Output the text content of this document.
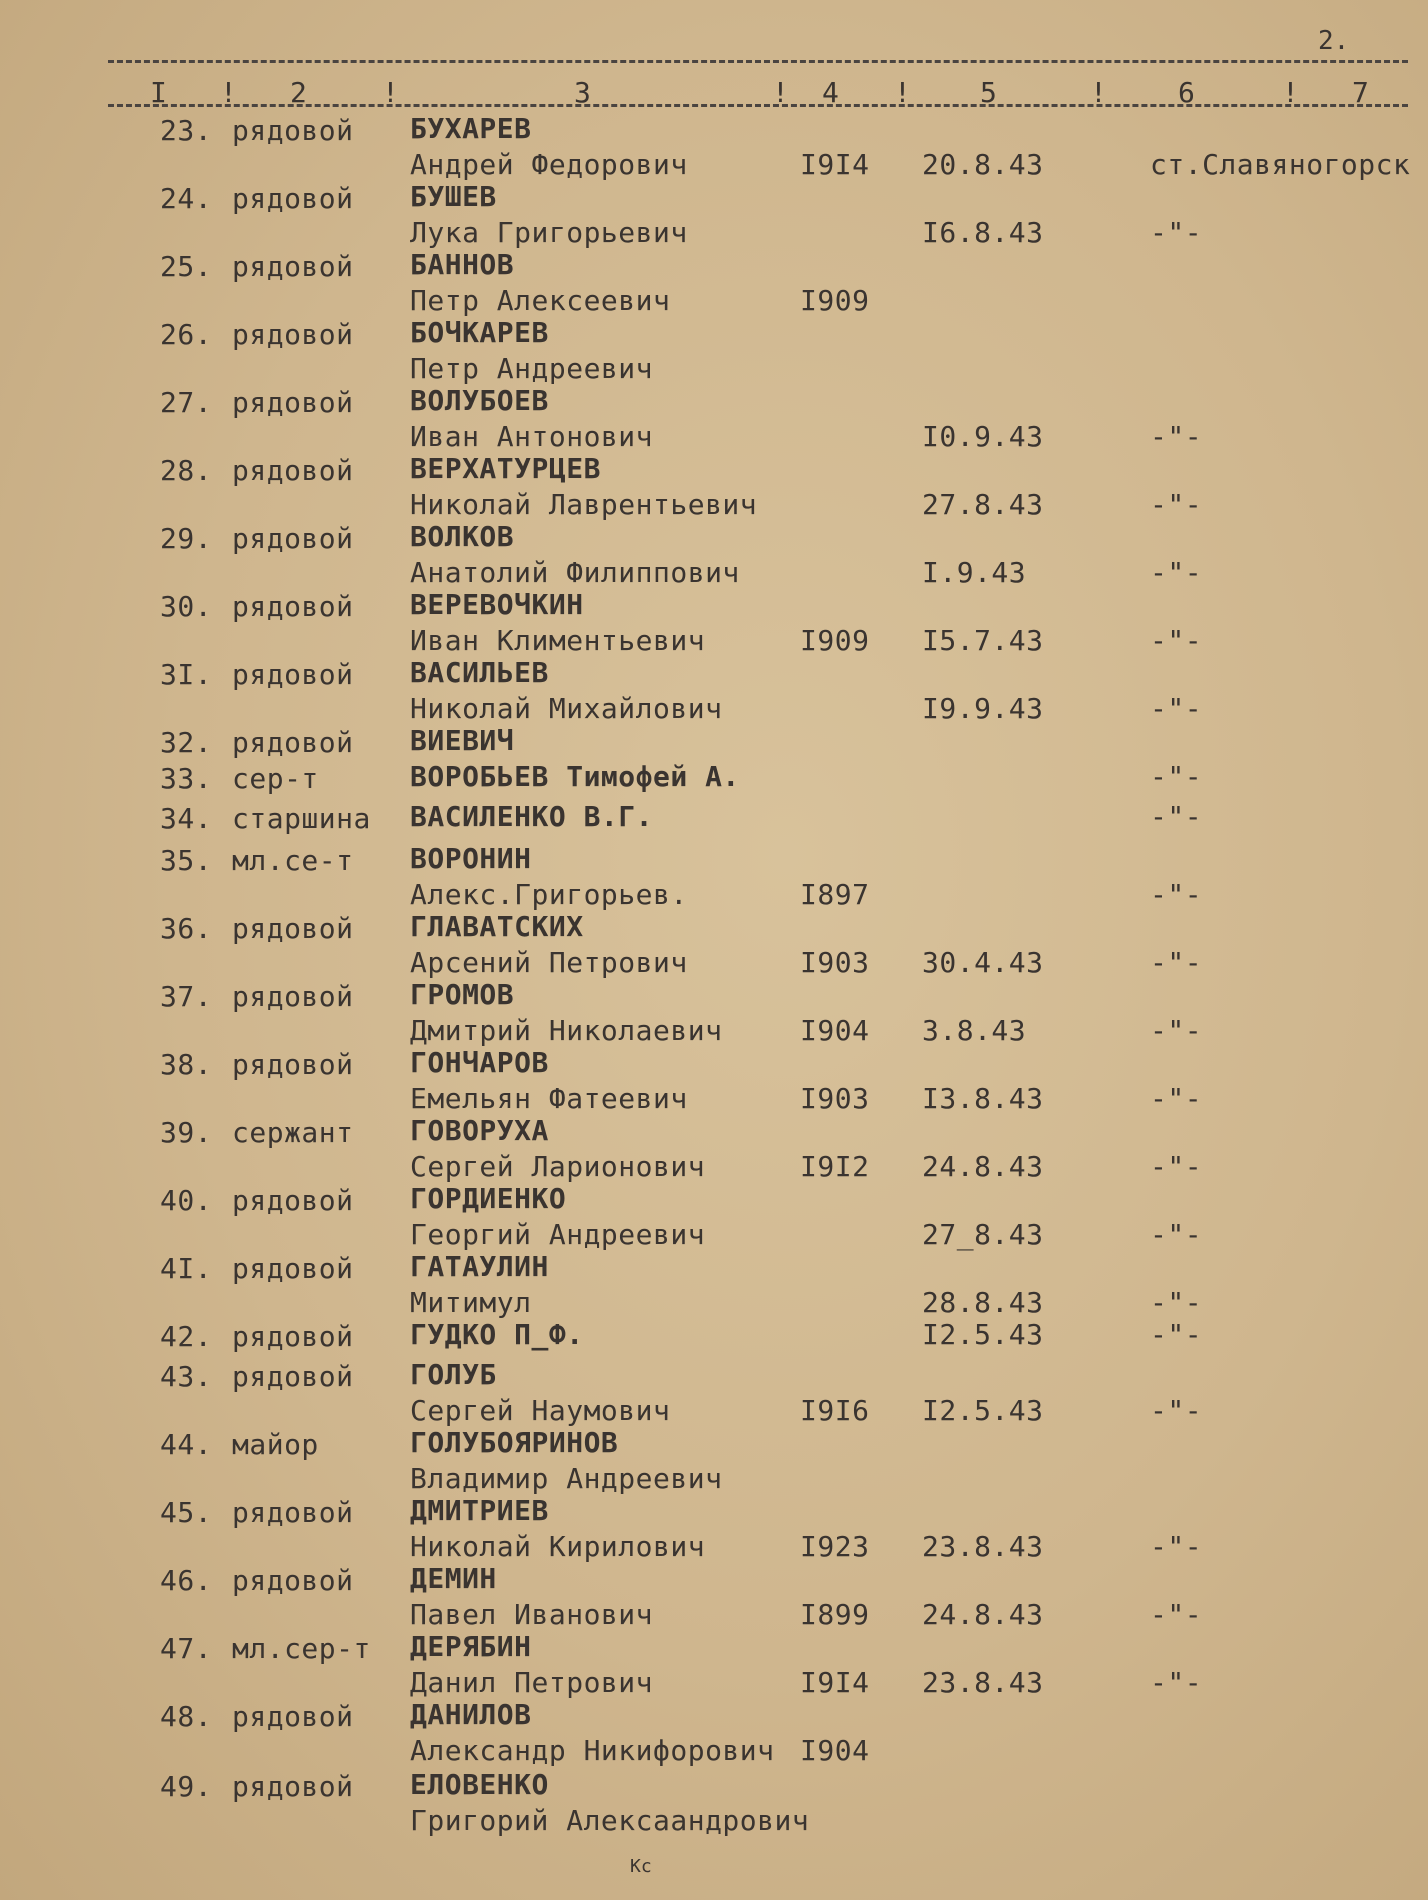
2.
I ! 2	!	3	! 4 ! 5	!	6	! 7
23. рядовой БУХАРЕВ
Андрей Федорович	I9I4 20.8.43	ст.Славяногорск
24. рядовой БУШЕВ
Лука Григорьевич	I6.8.43	-"-
25. рядовой БАННОВ
Петр Алексеевич	I909
26. рядовой БОЧКАРЕВ
Петр Андреевич
27. рядовой ВОЛУБОЕВ
Иван Антонович	I0.9.43	-"-
28. рядовой ВЕРХАТУРЦЕВ
Николай Лаврентьевич	27.8.43	-"-
29. рядовой ВОЛКОВ
Анатолий Филиппович	I.9.43	-"-
30. рядовой ВЕРЕВОЧКИН
Иван Климентьевич	I909 I5.7.43	-"-
3I. рядовой ВАСИЛЬЕВ
Николай Михайлович	I9.9.43	-"-
32. рядовой ВИЕВИЧ
33. сер-т	ВОРОБЬЕВ Тимофей А.	-"-
34. старшина ВАСИЛЕНКО В.Г.	-"-
35. мл.се-т ВОРОНИН
Алекс.Григорьев.	I897	-"-
36. рядовой ГЛАВАТСКИХ
Арсений Петрович	I903 30.4.43	-"-
37. рядовой ГРОМОВ
Дмитрий Николаевич	I904 3.8.43	-"-
38. рядовой ГОНЧАРОВ
Емельян Фатеевич	I903 I3.8.43	-"-
39. сержант ГОВОРУХА
Сергей Ларионович	I9I2 24.8.43	-"-
40. рядовой ГОРДИЕНКО
Георгий Андреевич	27_8.43	-"-
4I. рядовой ГАТАУЛИН
Митимул	28.8.43	-"-
42. рядовой ГУДКО П_Ф.	I2.5.43	-"-
43. рядовой ГОЛУБ
Сергей Наумович	I9I6 I2.5.43	-"-
44. майор	ГОЛУБОЯРИНОВ
Владимир Андреевич
45. рядовой ДМИТРИЕВ
Николай Кирилович	I923 23.8.43	-"-
46. рядовой ДЕМИН
Павел Иванович	I899 24.8.43	-"-
47. мл.сер-т ДЕРЯБИН
Данил Петрович	I9I4 23.8.43	-"-
48. рядовой ДАНИЛОВ
Александр Никифорович I904
49. рядовой ЕЛОВЕНКО
Григорий Алексаандрович
Кс
